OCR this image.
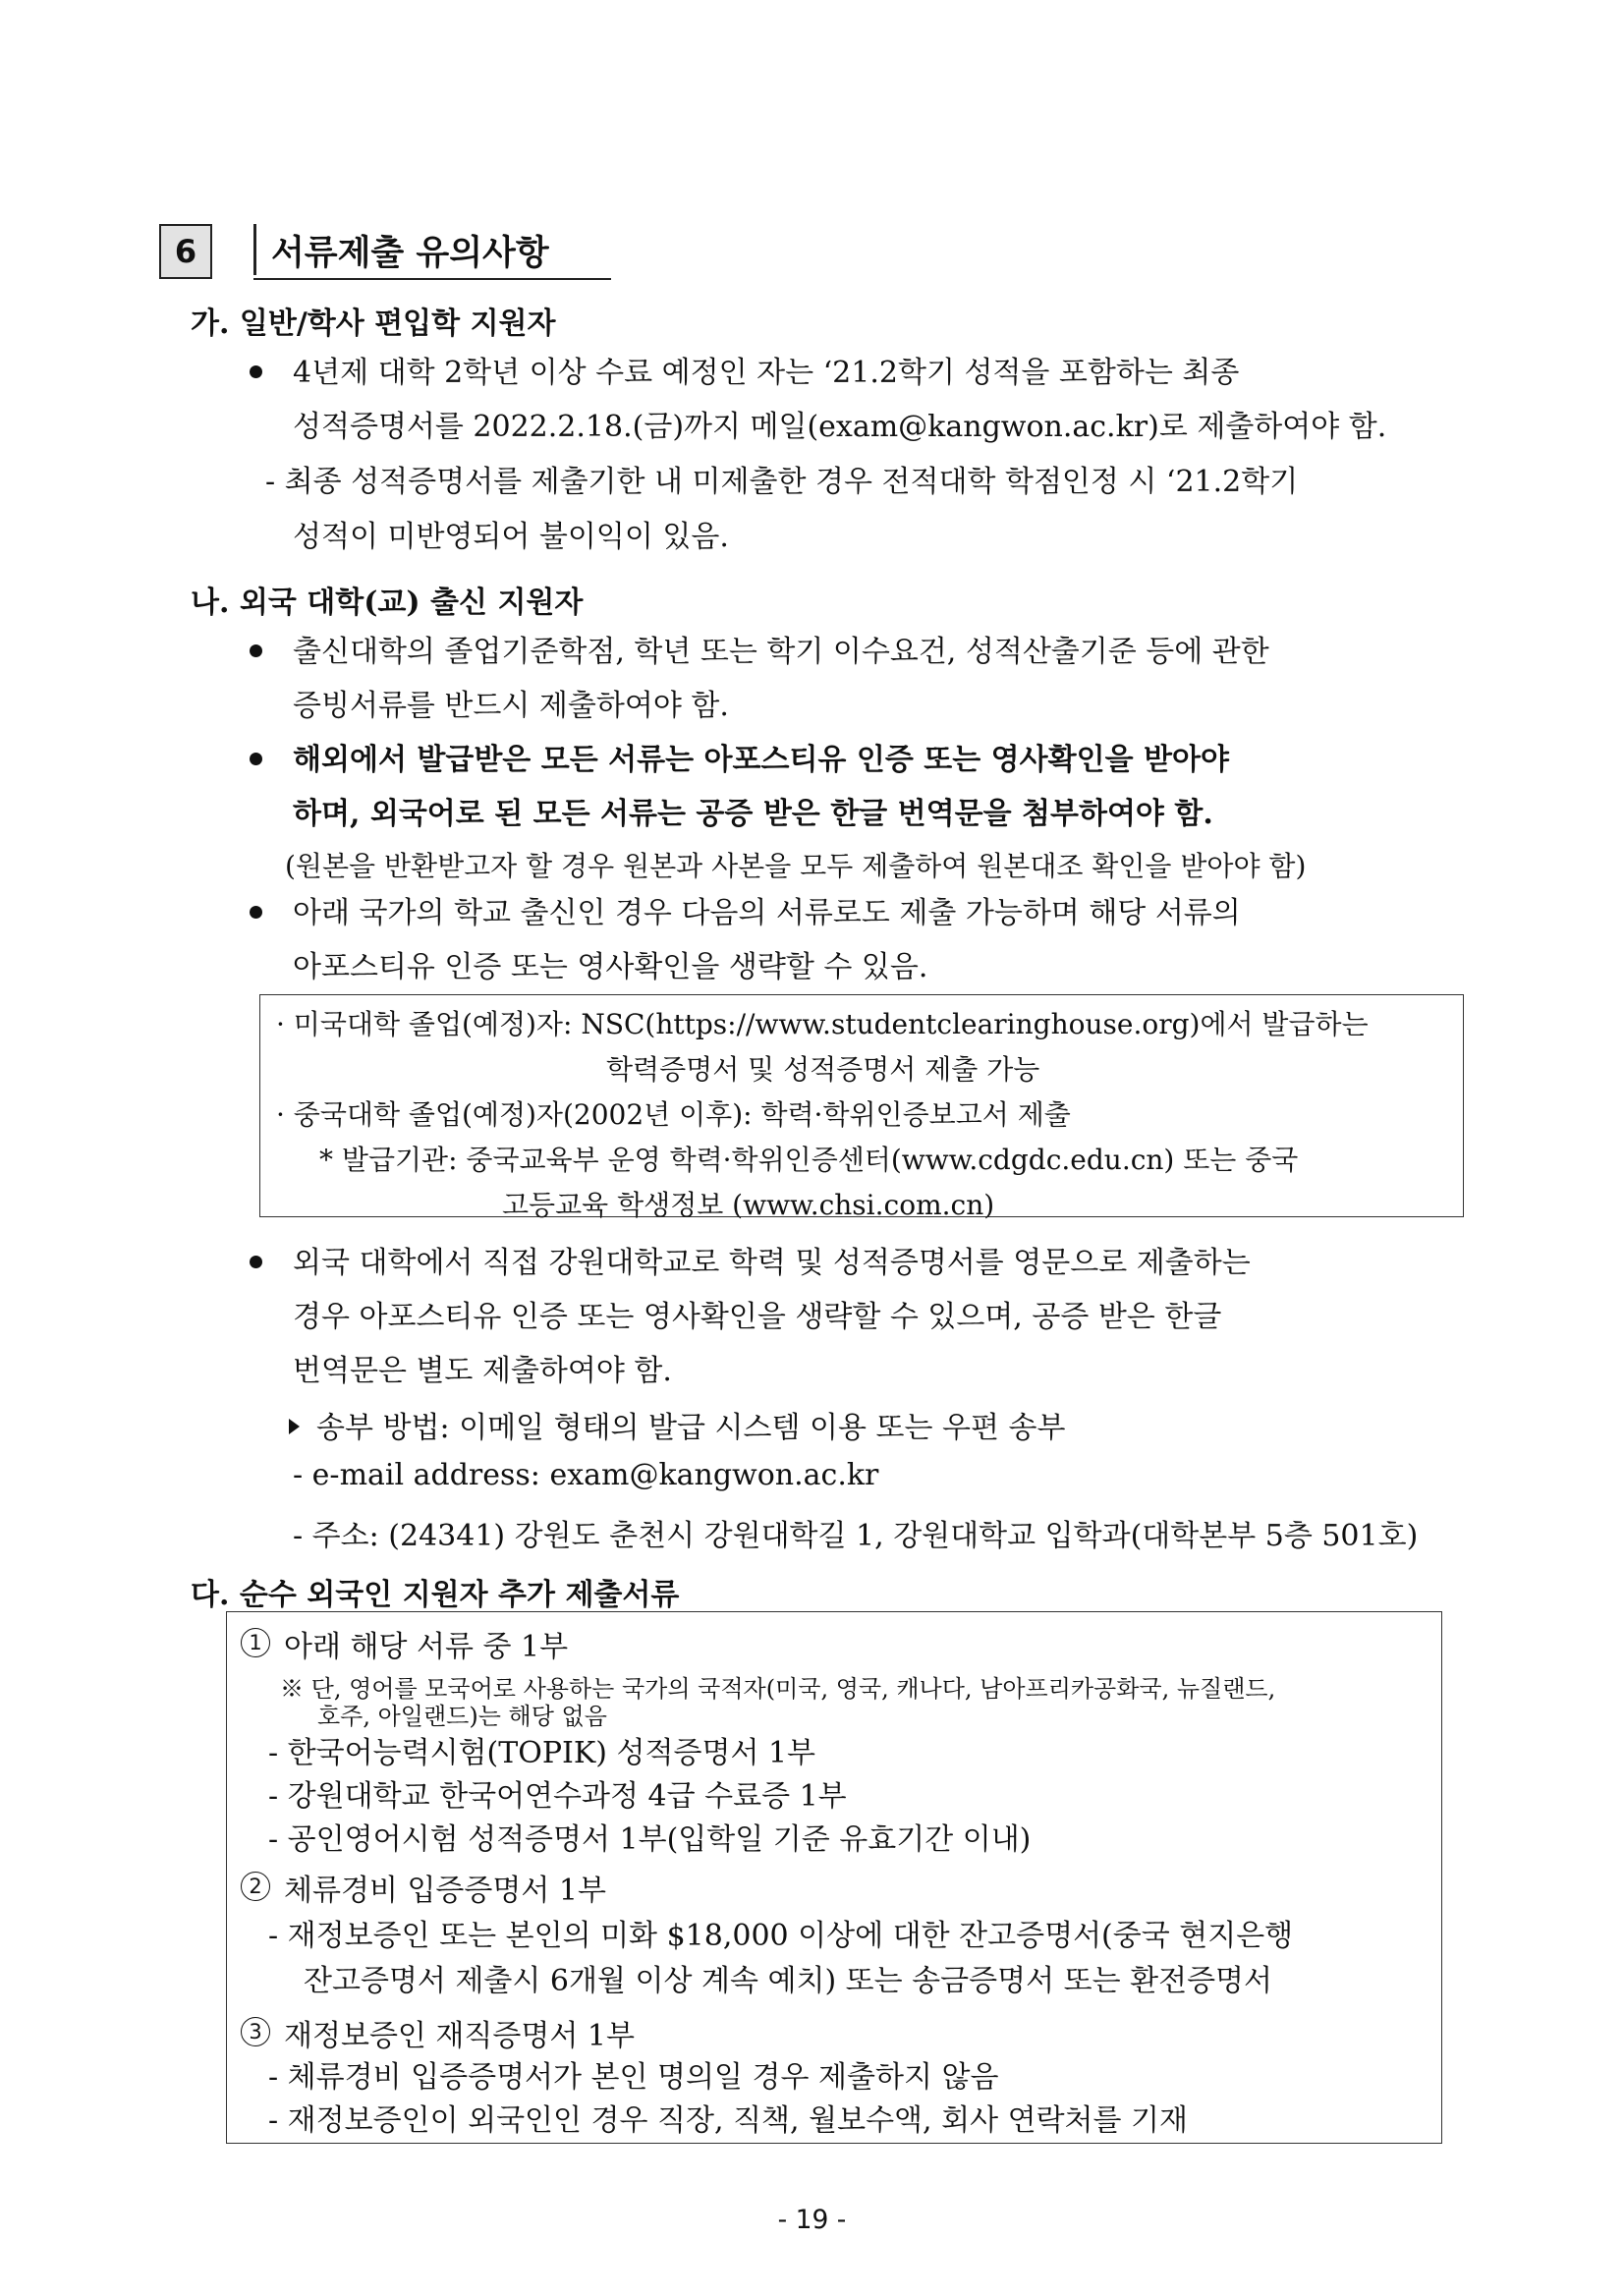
6	서류제출 유의사항
가. 일반/학사 편입학 지원자
4년제 대학 2학년 이상 수료 예정인 자는 ‘21.2학기 성적을 포함하는 최종
성적증명서를 2022.2.18.(금)까지 메일(exam@kangwon.ac.kr)로 제출하여야 함.
- 최종 성적증명서를 제출기한 내 미제출한 경우 전적대학 학점인정 시 ‘21.2학기
성적이 미반영되어 불이익이 있음.
나. 외국 대학(교) 출신 지원자
출신대학의 졸업기준학점, 학년 또는 학기 이수요건, 성적산출기준 등에 관한
증빙서류를 반드시 제출하여야 함.
해외에서 발급받은 모든 서류는 아포스티유 인증 또는 영사확인을 받아야
하며, 외국어로 된 모든 서류는 공증 받은 한글 번역문을 첨부하여야 함.
(원본을 반환받고자 할 경우 원본과 사본을 모두 제출하여 원본대조 확인을 받아야 함)
아래 국가의 학교 출신인 경우 다음의 서류로도 제출 가능하며 해당 서류의
아포스티유 인증 또는 영사확인을 생략할 수 있음.
· 미국대학 졸업(예정)자: NSC(https://www.studentclearinghouse.org)에서 발급하는
학력증명서 및 성적증명서 제출 가능
· 중국대학 졸업(예정)자(2002년 이후): 학력·학위인증보고서 제출
* 발급기관: 중국교육부 운영 학력·학위인증센터(www.cdgdc.edu.cn) 또는 중국
고등교육 학생정보 (www.chsi.com.cn)
외국 대학에서 직접 강원대학교로 학력 및 성적증명서를 영문으로 제출하는
경우 아포스티유 인증 또는 영사확인을 생략할 수 있으며, 공증 받은 한글
번역문은 별도 제출하여야 함.
송부 방법: 이메일 형태의 발급 시스템 이용 또는 우편 송부
- e-mail address: exam@kangwon.ac.kr
- 주소: (24341) 강원도 춘천시 강원대학길 1, 강원대학교 입학과(대학본부 5층 501호)
다. 순수 외국인 지원자 추가 제출서류
1 아래 해당 서류 중 1부
※ 단, 영어를 모국어로 사용하는 국가의 국적자(미국, 영국, 캐나다, 남아프리카공화국, 뉴질랜드,
호주, 아일랜드)는 해당 없음
- 한국어능력시험(TOPIK) 성적증명서 1부
- 강원대학교 한국어연수과정 4급 수료증 1부
- 공인영어시험 성적증명서 1부(입학일 기준 유효기간 이내)
2 체류경비 입증증명서 1부
- 재정보증인 또는 본인의 미화 $18,000 이상에 대한 잔고증명서(중국 현지은행
잔고증명서 제출시 6개월 이상 계속 예치) 또는 송금증명서 또는 환전증명서
3 재정보증인 재직증명서 1부
- 체류경비 입증증명서가 본인 명의일 경우 제출하지 않음
- 재정보증인이 외국인인 경우 직장, 직책, 월보수액, 회사 연락처를 기재
- 19 -
